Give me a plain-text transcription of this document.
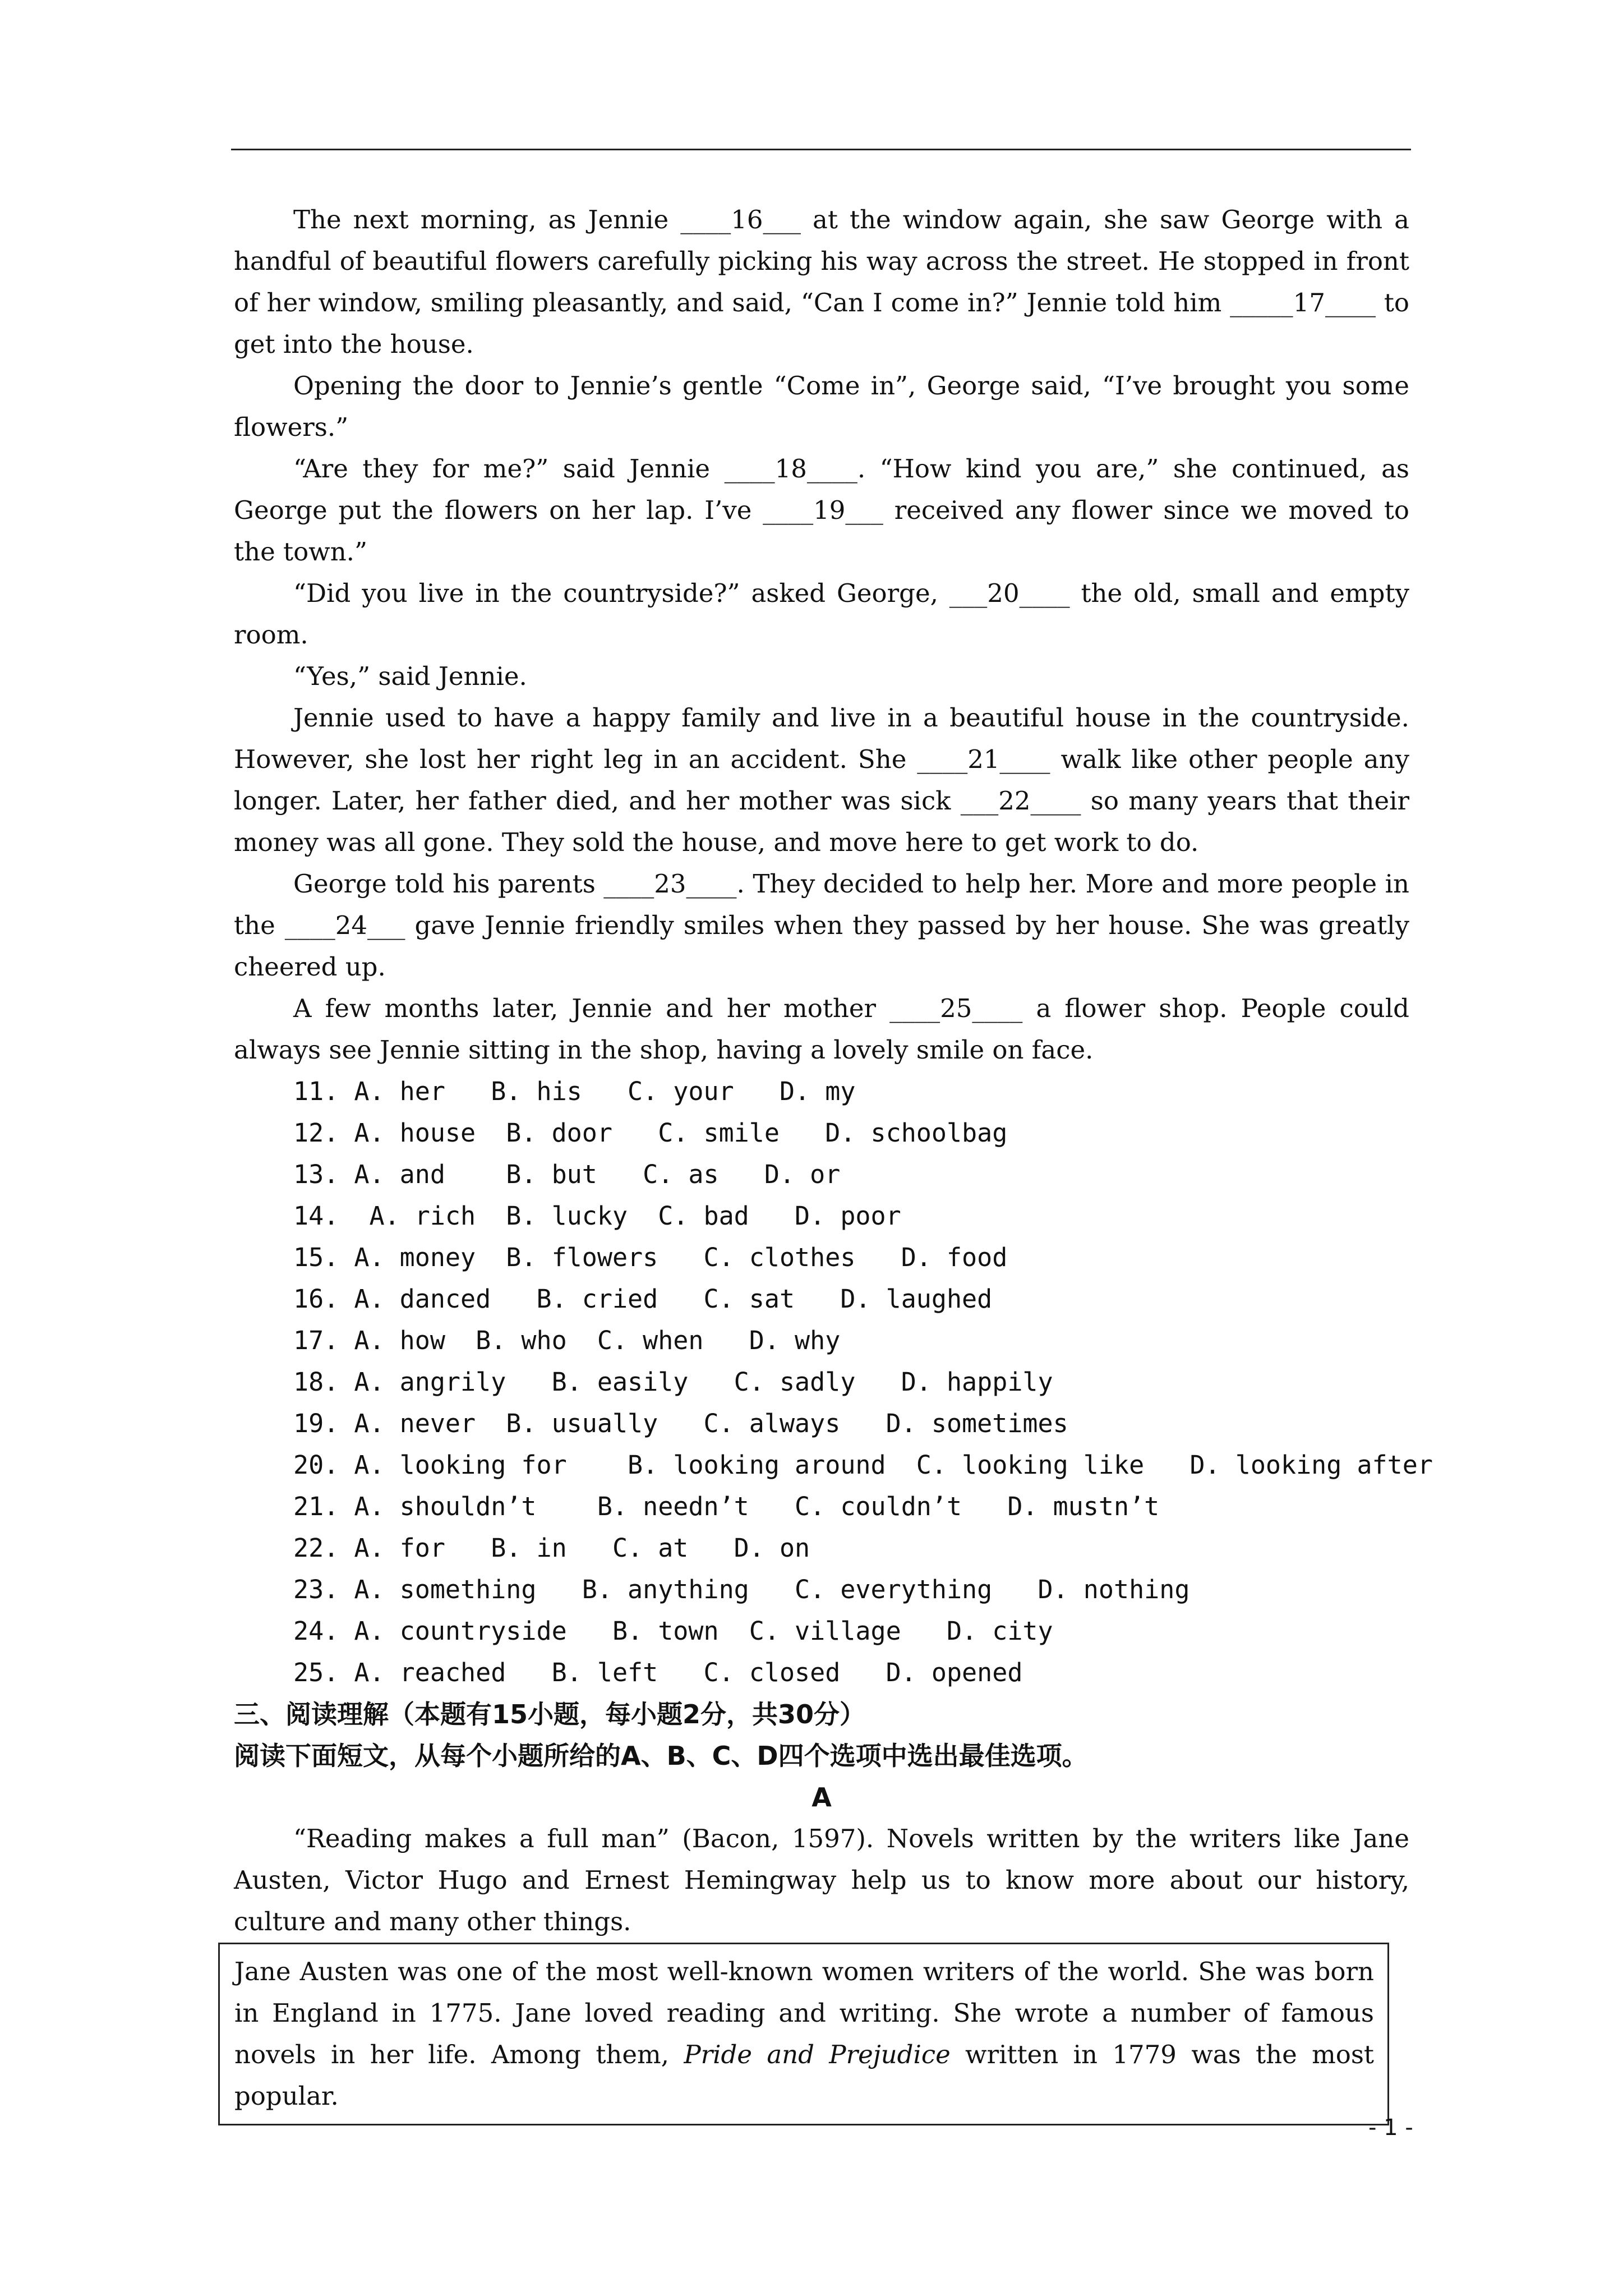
The next morning, as Jennie ____16___ at the window again, she saw George with a handful of beautiful flowers carefully picking his way across the street. He stopped in front of her window, smiling pleasantly, and said, “Can I come in?” Jennie told him _____17____ to get into the house.

Opening the door to Jennie’s gentle “Come in”, George said, “I’ve brought you some flowers.”

“Are they for me?” said Jennie ____18____. “How kind you are,” she continued, as George put the flowers on her lap. I’ve ____19___ received any flower since we moved to the town.”

“Did you live in the countryside?” asked George, ___20____ the old, small and empty room.

“Yes,” said Jennie.

Jennie used to have a happy family and live in a beautiful house in the countryside. However, she lost her right leg in an accident. She ____21____ walk like other people any longer. Later, her father died, and her mother was sick ___22____ so many years that their money was all gone. They sold the house, and move here to get work to do.

George told his parents ____23____. They decided to help her. More and more people in the ____24___ gave Jennie friendly smiles when they passed by her house. She was greatly cheered up.

A few months later, Jennie and her mother ____25____ a flower shop. People could always see Jennie sitting in the shop, having a lovely smile on face.

11. A. her   B. his   C. your   D. my
12. A. house  B. door   C. smile   D. schoolbag
13. A. and    B. but   C. as   D. or
14.  A. rich  B. lucky  C. bad   D. poor
15. A. money  B. flowers   C. clothes   D. food
16. A. danced   B. cried   C. sat   D. laughed
17. A. how  B. who  C. when   D. why
18. A. angrily   B. easily   C. sadly   D. happily
19. A. never  B. usually   C. always   D. sometimes
20. A. looking for    B. looking around  C. looking like   D. looking after
21. A. shouldn’t    B. needn’t   C. couldn’t   D. mustn’t
22. A. for   B. in   C. at   D. on
23. A. something   B. anything   C. everything   D. nothing
24. A. countryside   B. town  C. village   D. city
25. A. reached   B. left   C. closed   D. opened

三、阅读理解（本题有15小题，每小题2分，共30分）

阅读下面短文，从每个小题所给的A、B、C、D四个选项中选出最佳选项。

A

“Reading makes a full man” (Bacon, 1597). Novels written by the writers like Jane Austen, Victor Hugo and Ernest Hemingway help us to know more about our history, culture and many other things.

Jane Austen was one of the most well-known women writers of the world. She was born in England in 1775. Jane loved reading and writing. She wrote a number of famous novels in her life. Among them, Pride and Prejudice written in 1779 was the most popular.

- 1 -
